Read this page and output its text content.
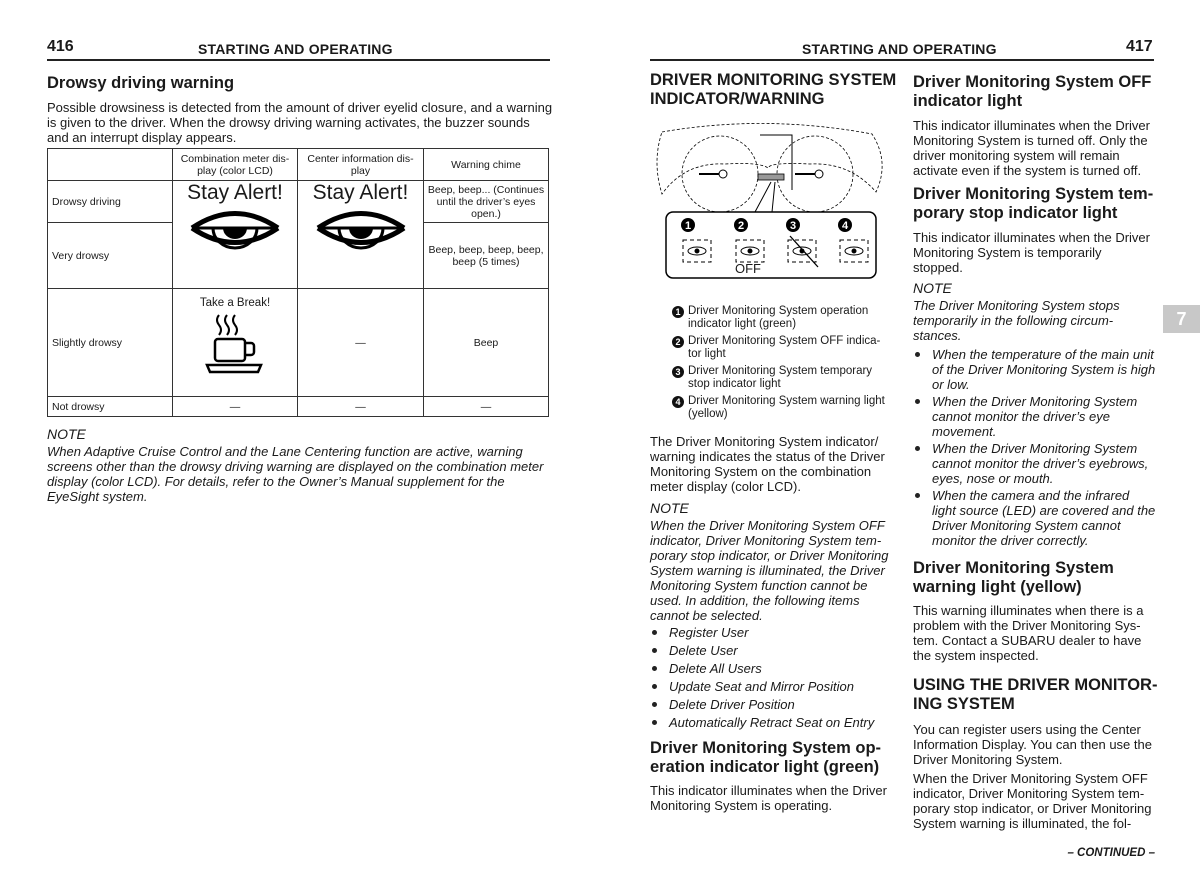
416	STARTING AND OPERATING
Drowsy driving warning
Possible drowsiness is detected from the amount of driver eyelid closure, and a warning
is given to the driver. When the drowsy driving warning activates, the buzzer sounds
and an interrupt display appears.
	Combination meter dis-
play (color LCD)	Center information dis-
play	Warning chime
Drowsy driving	Stay Alert!	Stay Alert!	Beep, beep... (Continues
until the driver’s eyes
open.)
Very drowsy			Beep, beep, beep, beep,
beep (5 times)
Slightly drowsy	Take a Break!	—	Beep
Not drowsy	—	—	—
NOTE
When Adaptive Cruise Control and the Lane Centering function are active, warning
screens other than the drowsy driving warning are displayed on the combination meter
display (color LCD). For details, refer to the Owner’s Manual supplement for the
EyeSight system.
STARTING AND OPERATING	417
7
DRIVER MONITORING SYSTEM
INDICATOR/WARNING
1	2	3	4
OFF
1 Driver Monitoring System operation
indicator light (green)
2 Driver Monitoring System OFF indica-
tor light
3 Driver Monitoring System temporary
stop indicator light
4 Driver Monitoring System warning light
(yellow)
The Driver Monitoring System indicator/
warning indicates the status of the Driver
Monitoring System on the combination
meter display (color LCD).
NOTE
When the Driver Monitoring System OFF
indicator, Driver Monitoring System tem-
porary stop indicator, or Driver Monitoring
System warning is illuminated, the Driver
Monitoring System function cannot be
used. In addition, the following items
cannot be selected.
Register User
Delete User
Delete All Users
Update Seat and Mirror Position
Delete Driver Position
Automatically Retract Seat on Entry
Driver Monitoring System op-
eration indicator light (green)
This indicator illuminates when the Driver
Monitoring System is operating.
Driver Monitoring System OFF
indicator light
This indicator illuminates when the Driver
Monitoring System is turned off. Only the
driver monitoring system will remain
activate even if the system is turned off.
Driver Monitoring System tem-
porary stop indicator light
This indicator illuminates when the Driver
Monitoring System is temporarily
stopped.
NOTE
The Driver Monitoring System stops
temporarily in the following circum-
stances.
When the temperature of the main unit
of the Driver Monitoring System is high
or low.
When the Driver Monitoring System
cannot monitor the driver’s eye
movement.
When the Driver Monitoring System
cannot monitor the driver’s eyebrows,
eyes, nose or mouth.
When the camera and the infrared
light source (LED) are covered and the
Driver Monitoring System cannot
monitor the driver correctly.
Driver Monitoring System
warning light (yellow)
This warning illuminates when there is a
problem with the Driver Monitoring Sys-
tem. Contact a SUBARU dealer to have
the system inspected.
USING THE DRIVER MONITOR-
ING SYSTEM
You can register users using the Center
Information Display. You can then use the
Driver Monitoring System.
When the Driver Monitoring System OFF
indicator, Driver Monitoring System tem-
porary stop indicator, or Driver Monitoring
System warning is illuminated, the fol-
– CONTINUED –
